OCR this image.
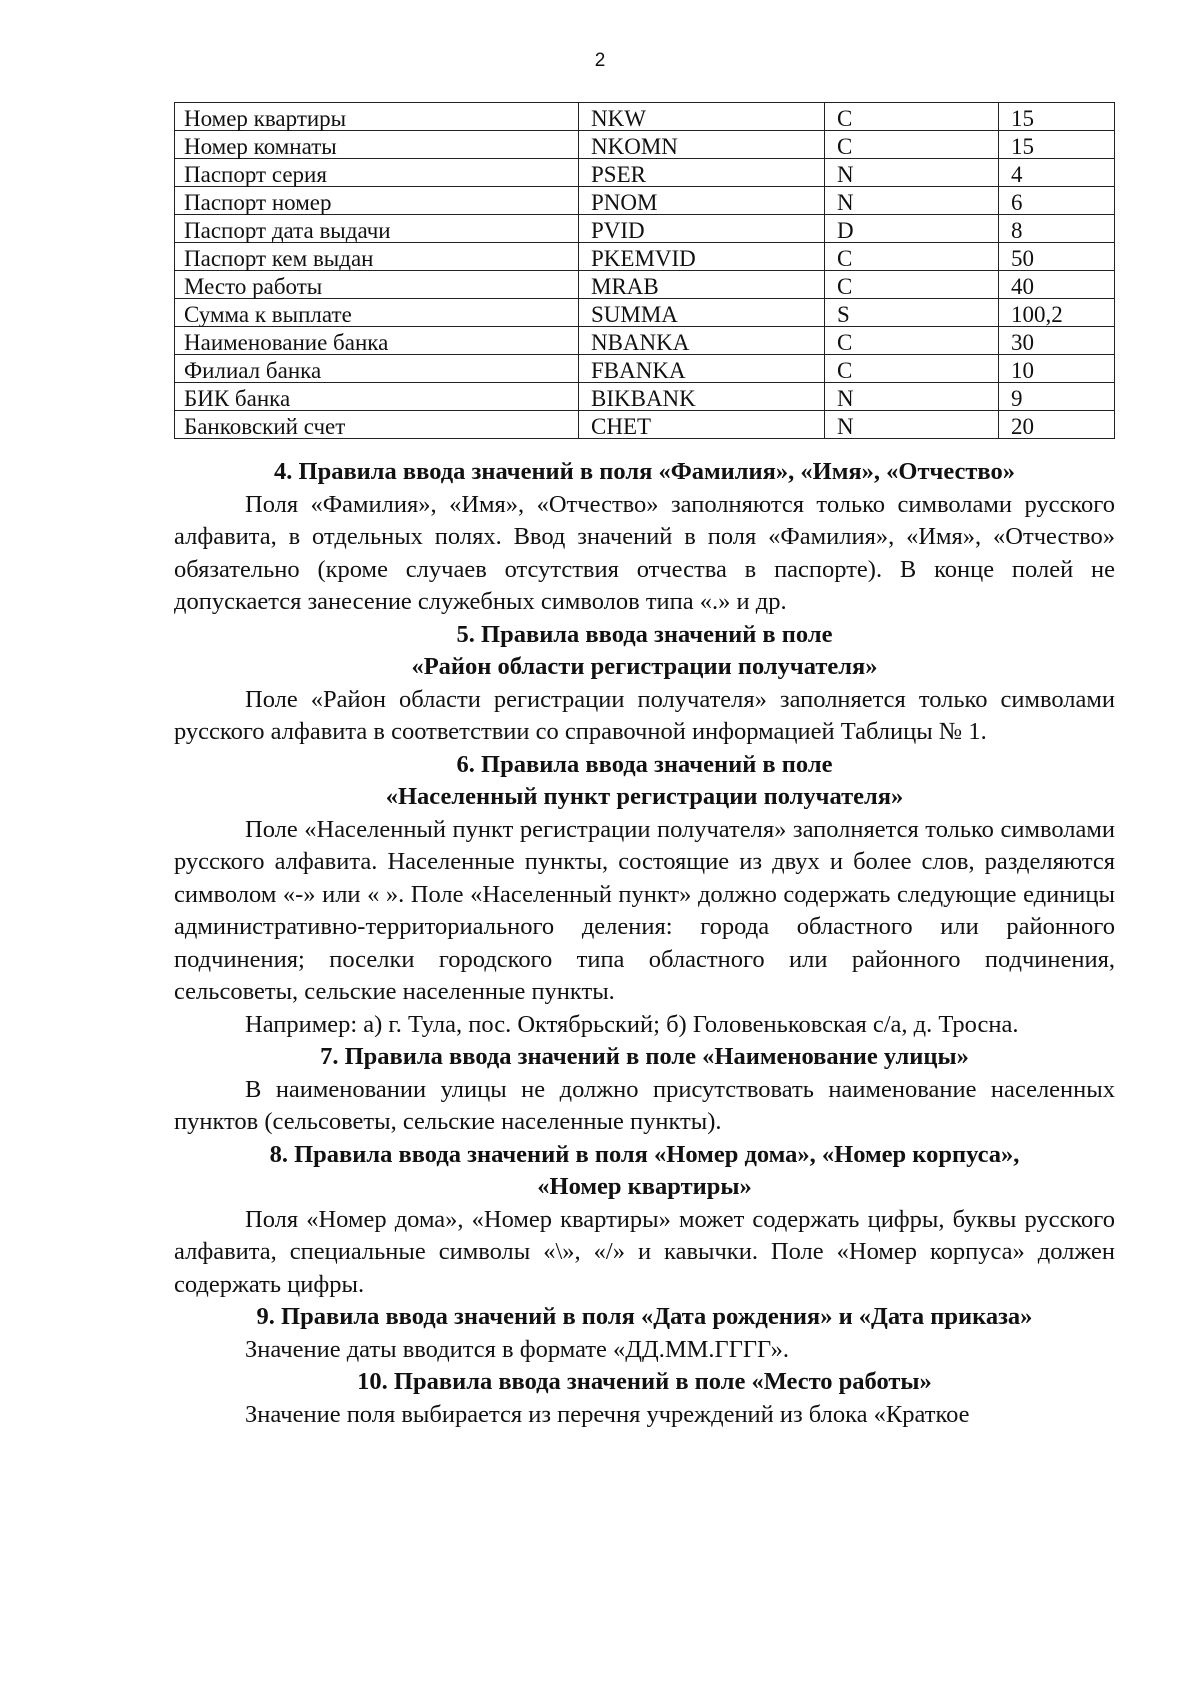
2
Номер квартиры	NKW	C	15
Номер комнаты	NKOMN	C	15
Паспорт серия	PSER	N	4
Паспорт номер	PNOM	N	6
Паспорт дата выдачи	PVID	D	8
Паспорт кем выдан	PKEMVID	C	50
Место работы	MRAB	C	40
Сумма к выплате	SUMMA	S	100,2
Наименование банка	NBANKA	C	30
Филиал банка	FBANKA	C	10
БИК банка	BIKBANK	N	9
Банковский счет	CHET	N	20
4. Правила ввода значений в поля «Фамилия», «Имя», «Отчество»

Поля «Фамилия», «Имя», «Отчество» заполняются только символами русского алфавита, в отдельных полях. Ввод значений в поля «Фамилия», «Имя», «Отчество» обязательно (кроме случаев отсутствия отчества в паспорте). В конце полей не допускается занесение служебных символов типа «.» и др.

5. Правила ввода значений в поле
«Район области регистрации получателя»

Поле «Район области регистрации получателя» заполняется только символами русского алфавита в соответствии со справочной информацией Таблицы № 1.

6. Правила ввода значений в поле
«Населенный пункт регистрации получателя»

Поле «Населенный пункт регистрации получателя» заполняется только символами русского алфавита. Населенные пункты, состоящие из двух и более слов, разделяются символом «-» или « ». Поле «Населенный пункт» должно содержать следующие единицы административно-территориального деления: города областного или районного подчинения; поселки городского типа областного или районного подчинения, сельсоветы, сельские населенные пункты.

Например: а) г. Тула, пос. Октябрьский; б) Головеньковская с/а, д. Тросна.

7. Правила ввода значений в поле «Наименование улицы»

В наименовании улицы не должно присутствовать наименование населенных пунктов (сельсоветы, сельские населенные пункты).

8. Правила ввода значений в поля «Номер дома», «Номер корпуса»,
«Номер квартиры»

Поля «Номер дома», «Номер квартиры» может содержать цифры, буквы русского алфавита, специальные символы «\», «/» и кавычки. Поле «Номер корпуса» должен содержать цифры.

9. Правила ввода значений в поля «Дата рождения» и «Дата приказа»

Значение даты вводится в формате «ДД.ММ.ГГГГ».

10. Правила ввода значений в поле «Место работы»

Значение поля выбирается из перечня учреждений из блока «Краткое
